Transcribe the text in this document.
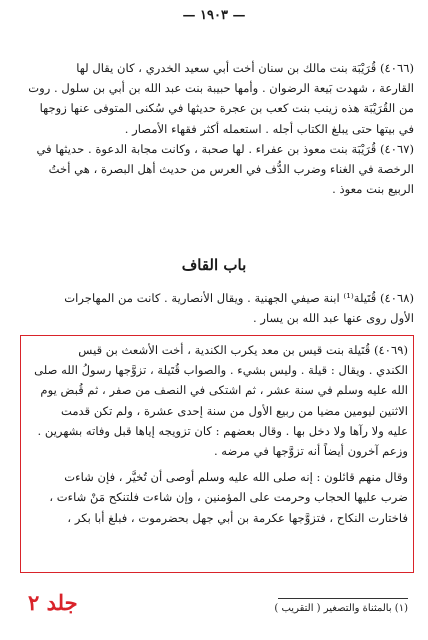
— ١٩٠٣ —
(٤٠٦٦) قُرَيْبَة بنت مالك بن سنان أخت أبي سعيد الخدري ، كان يقال لها
القارعة ، شهدت بَيعة الرضوان . وأمها حبيبة بنت عبد الله بن أبي بن سلول . روت
من القُرَيْبَة هذه زينب بنت كعب بن عجرة حديثها في سُكنى المتوفى عنها زوجها
في بيتها حتى يبلغ الكتاب أجله . استعمله أكثر فقهاء الأمصار .
(٤٠٦٧) قُرَيْبَة بنت معوذ بن عفراء . لها صحبة ، وكانت مجابة الدعوة . حديثها في
الرخصة في الغناء وضرب الدُّف في العرس من حديث أهل البصرة ، هي أختُ
الربيع بنت معوذ .
باب القاف
(٤٠٦٨) قُتَيلة⁽¹⁾ ابنة صيفي الجهنية . ويقال الأنصارية . كانت من المهاجرات
الأول روى عنها عبد الله بن يسار .
(٤٠٦٩) قُتَيلة بنت قيس بن معد يكرب الكندية ، أخت الأشعث بن قيس
الكندي . ويقال : قيلة . وليس بشيء . والصواب قُتَيلة ، تزوَّجها رسولُ الله صلى
الله عليه وسلم في سنة عشر ، ثم اشتكى في النصف من صفر ، ثم قُبض يوم
الاثنين ليومين مضيا من ربيع الأول من سنة إحدى عشرة ، ولم تكن قدمت
عليه ولا رآها ولا دخل بها . وقال بعضهم : كان تزويجه إياها قبل وفاته بشهرين .
وزعم آخرون أيضاً أنه تزوَّجها في مرضه .
وقال منهم قائلون : إنه صلى الله عليه وسلم أوصى أن تُخيَّر ، فإن شاءت
ضرب عليها الحجاب وحرمت على المؤمنين ، وإن شاءت فلتنكح مَنْ شاءت ،
فاختارت النكاح ، فتزوَّجها عكرمة بن أبي جهل بحضرموت ، فبلغ أبا بكر ،
جلد ٢	(١) بالمثناة والتصغير ( التقريب )
